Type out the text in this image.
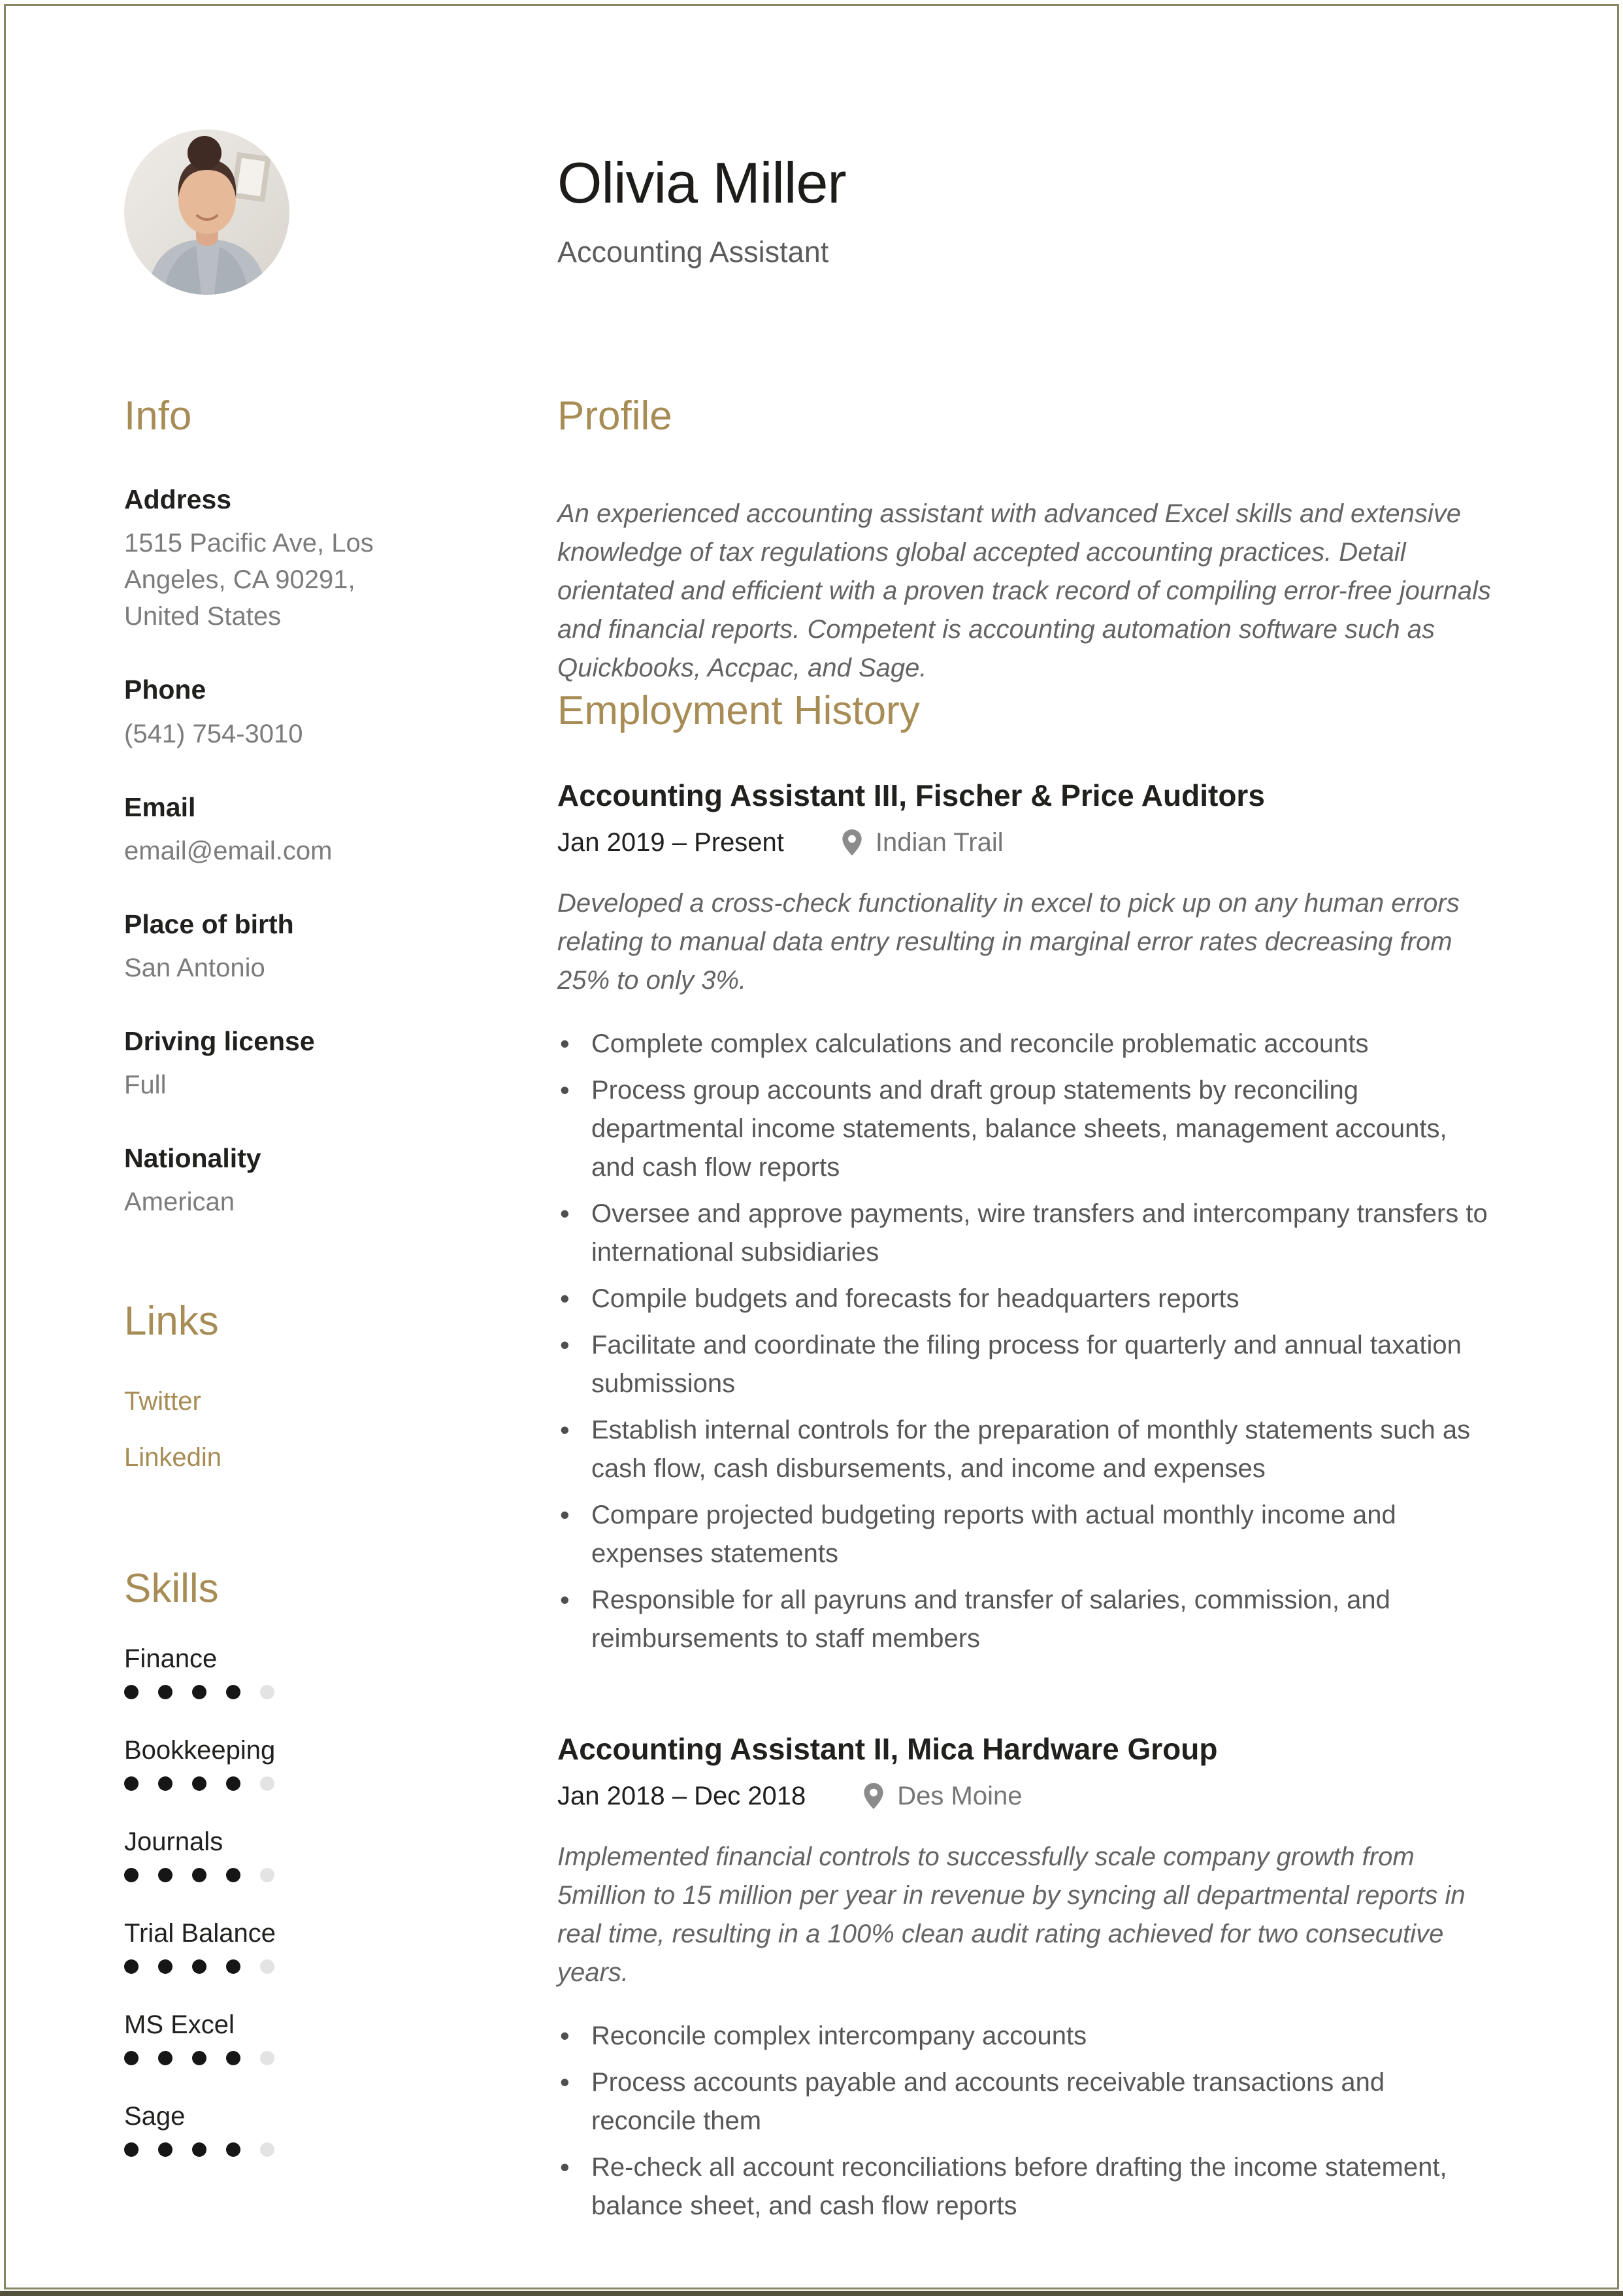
Olivia Miller
Accounting Assistant
Info
Address
1515 Pacific Ave, Los Angeles, CA 90291, United States
Phone
(541) 754-3010
Email
email@email.com
Place of birth
San Antonio
Driving license
Full
Nationality
American
Links
Twitter
Linkedin
Skills
Finance
Bookkeeping
Journals
Trial Balance
MS Excel
Sage
Profile

An experienced accounting assistant with advanced Excel skills and extensive knowledge of tax regulations global accepted accounting practices. Detail orientated and efficient with a proven track record of compiling error-free journals and financial reports. Competent is accounting automation software such as Quickbooks, Accpac, and Sage.

Employment History
Accounting Assistant III, Fischer & Price Auditors
Jan 2019 – Present	Indian Trail

Developed a cross-check functionality in excel to pick up on any human errors relating to manual data entry resulting in marginal error rates decreasing from 25% to only 3%.

• Complete complex calculations and reconcile problematic accounts
• Process group accounts and draft group statements by reconciling departmental income statements, balance sheets, management accounts, and cash flow reports
• Oversee and approve payments, wire transfers and intercompany transfers to international subsidiaries
• Compile budgets and forecasts for headquarters reports
• Facilitate and coordinate the filing process for quarterly and annual taxation submissions
• Establish internal controls for the preparation of monthly statements such as cash flow, cash disbursements, and income and expenses
• Compare projected budgeting reports with actual monthly income and expenses statements
• Responsible for all payruns and transfer of salaries, commission, and reimbursements to staff members
Accounting Assistant II, Mica Hardware Group
Jan 2018 – Dec 2018	Des Moine

Implemented financial controls to successfully scale company growth from 5million to 15 million per year in revenue by syncing all departmental reports in real time, resulting in a 100% clean audit rating achieved for two consecutive years.

• Reconcile complex intercompany accounts
• Process accounts payable and accounts receivable transactions and reconcile them
• Re-check all account reconciliations before drafting the income statement, balance sheet, and cash flow reports
